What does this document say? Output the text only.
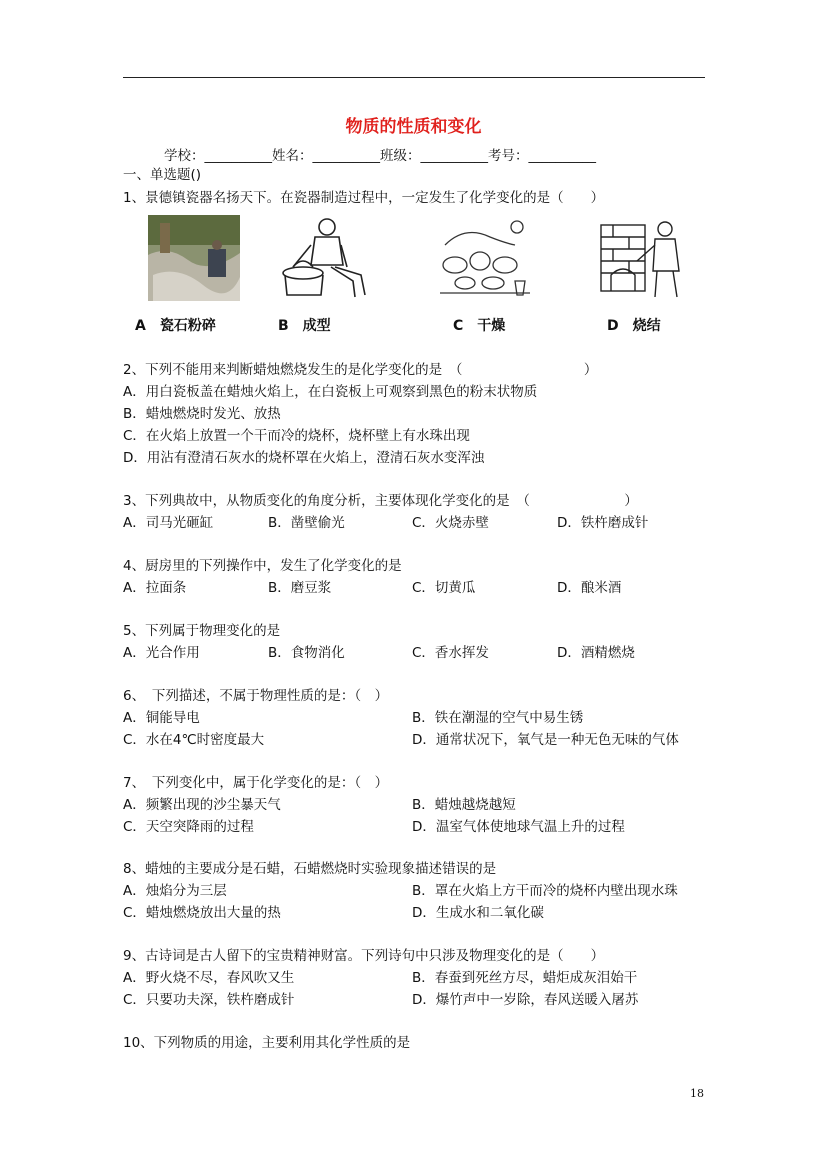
物质的性质和变化
学校：__________姓名：__________班级：__________考号：__________
一、单选题()
1、景德镇瓷器名扬天下。在瓷器制造过程中，一定发生了化学变化的是（　　）
A　瓷石粉碎	B　成型	C　干燥	D　烧结
2、下列不能用来判断蜡烛燃烧发生的是化学变化的是　（　　　　　　　　　）
A．用白瓷板盖在蜡烛火焰上，在白瓷板上可观察到黑色的粉末状物质
B．蜡烛燃烧时发光、放热
C．在火焰上放置一个干而冷的烧杯，烧杯壁上有水珠出现
D．用沾有澄清石灰水的烧杯罩在火焰上，澄清石灰水变浑浊
3、下列典故中，从物质变化的角度分析，主要体现化学变化的是　（　　　　　　　）
A．司马光砸缸	B．凿壁偷光	C．火烧赤壁	D．铁杵磨成针
4、厨房里的下列操作中，发生了化学变化的是
A．拉面条	B．磨豆浆	C．切黄瓜	D．酿米酒
5、下列属于物理变化的是
A．光合作用	B．食物消化	C．香水挥发	D．酒精燃烧
6、　下列描述，不属于物理性质的是：（　）
A．铜能导电	B．铁在潮湿的空气中易生锈
C．水在4℃时密度最大	D．通常状况下，氧气是一种无色无味的气体
7、　下列变化中，属于化学变化的是：（　）
A．频繁出现的沙尘暴天气	B．蜡烛越烧越短
C．天空突降雨的过程	D．温室气体使地球气温上升的过程
8、蜡烛的主要成分是石蜡，石蜡燃烧时实验现象描述错误的是
A．烛焰分为三层	B．罩在火焰上方干而冷的烧杯内壁出现水珠
C．蜡烛燃烧放出大量的热	D．生成水和二氧化碳
9、古诗词是古人留下的宝贵精神财富。下列诗句中只涉及物理变化的是（　　）
A．野火烧不尽，春风吹又生	B．春蚕到死丝方尽，蜡炬成灰泪始干
C．只要功夫深，铁杵磨成针	D．爆竹声中一岁除，春风送暖入屠苏
10、下列物质的用途，主要利用其化学性质的是
18
